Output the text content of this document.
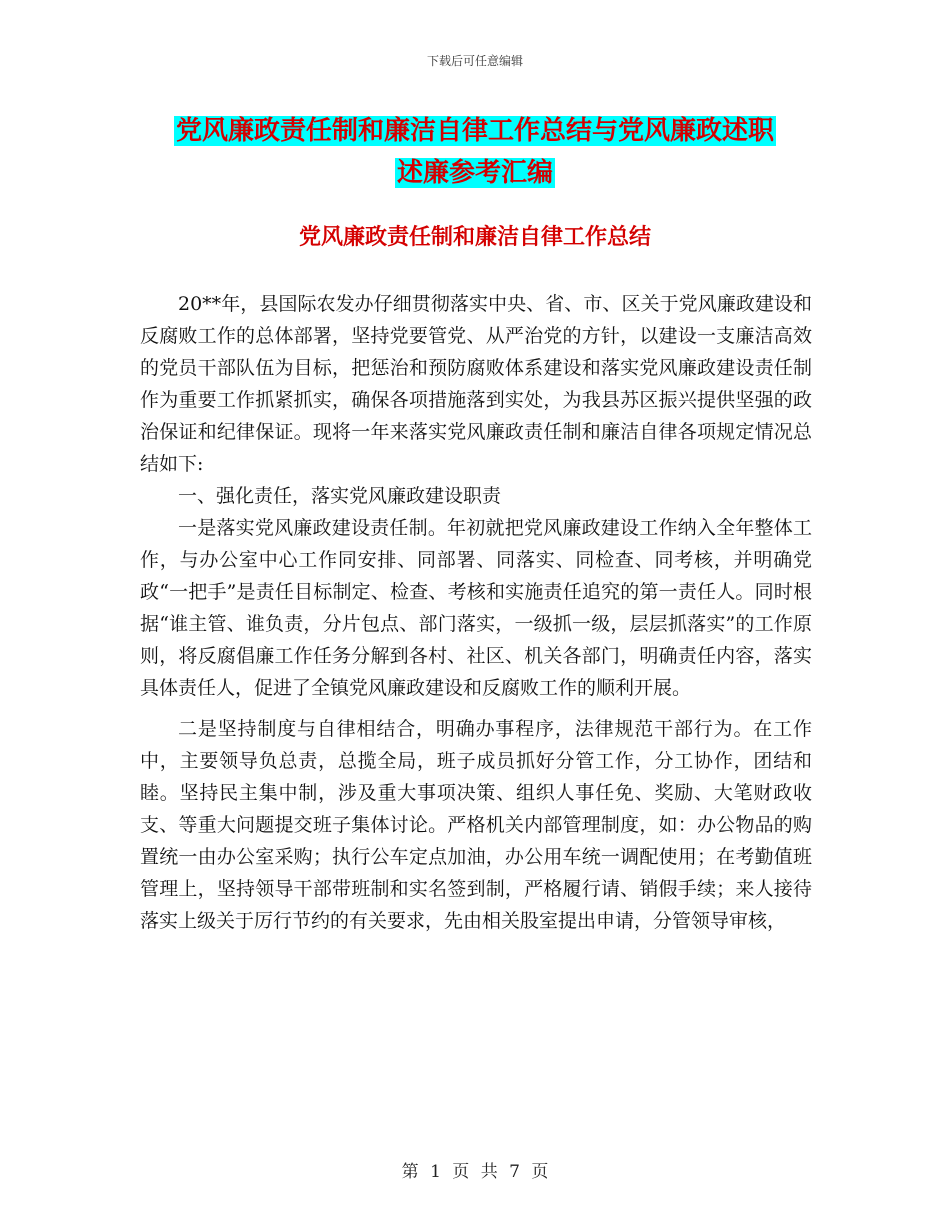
下载后可任意编辑
党风廉政责任制和廉洁自律工作总结与党风廉政述职
述廉参考汇编
党风廉政责任制和廉洁自律工作总结

20**年，县国际农发办仔细贯彻落实中央、省、市、区关于党风廉政建设和反腐败工作的总体部署，坚持党要管党、从严治党的方针，以建设一支廉洁高效的党员干部队伍为目标，把惩治和预防腐败体系建设和落实党风廉政建设责任制作为重要工作抓紧抓实，确保各项措施落到实处，为我县苏区振兴提供坚强的政治保证和纪律保证。现将一年来落实党风廉政责任制和廉洁自律各项规定情况总结如下:

一、强化责任，落实党风廉政建设职责

一是落实党风廉政建设责任制。年初就把党风廉政建设工作纳入全年整体工作，与办公室中心工作同安排、同部署、同落实、同检查、同考核，并明确党政“一把手”是责任目标制定、检查、考核和实施责任追究的第一责任人。同时根据“谁主管、谁负责，分片包点、部门落实，一级抓一级，层层抓落实”的工作原则，将反腐倡廉工作任务分解到各村、社区、机关各部门，明确责任内容，落实具体责任人，促进了全镇党风廉政建设和反腐败工作的顺利开展。

二是坚持制度与自律相结合，明确办事程序，法律规范干部行为。在工作中，主要领导负总责，总揽全局，班子成员抓好分管工作，分工协作，团结和睦。坚持民主集中制，涉及重大事项决策、组织人事任免、奖励、大笔财政收支、等重大问题提交班子集体讨论。严格机关内部管理制度，如：办公物品的购置统一由办公室采购；执行公车定点加油，办公用车统一调配使用；在考勤值班管理上，坚持领导干部带班制和实名签到制，严格履行请、销假手续；来人接待落实上级关于厉行节约的有关要求，先由相关股室提出申请，分管领导审核，

第 1 页 共 7 页
